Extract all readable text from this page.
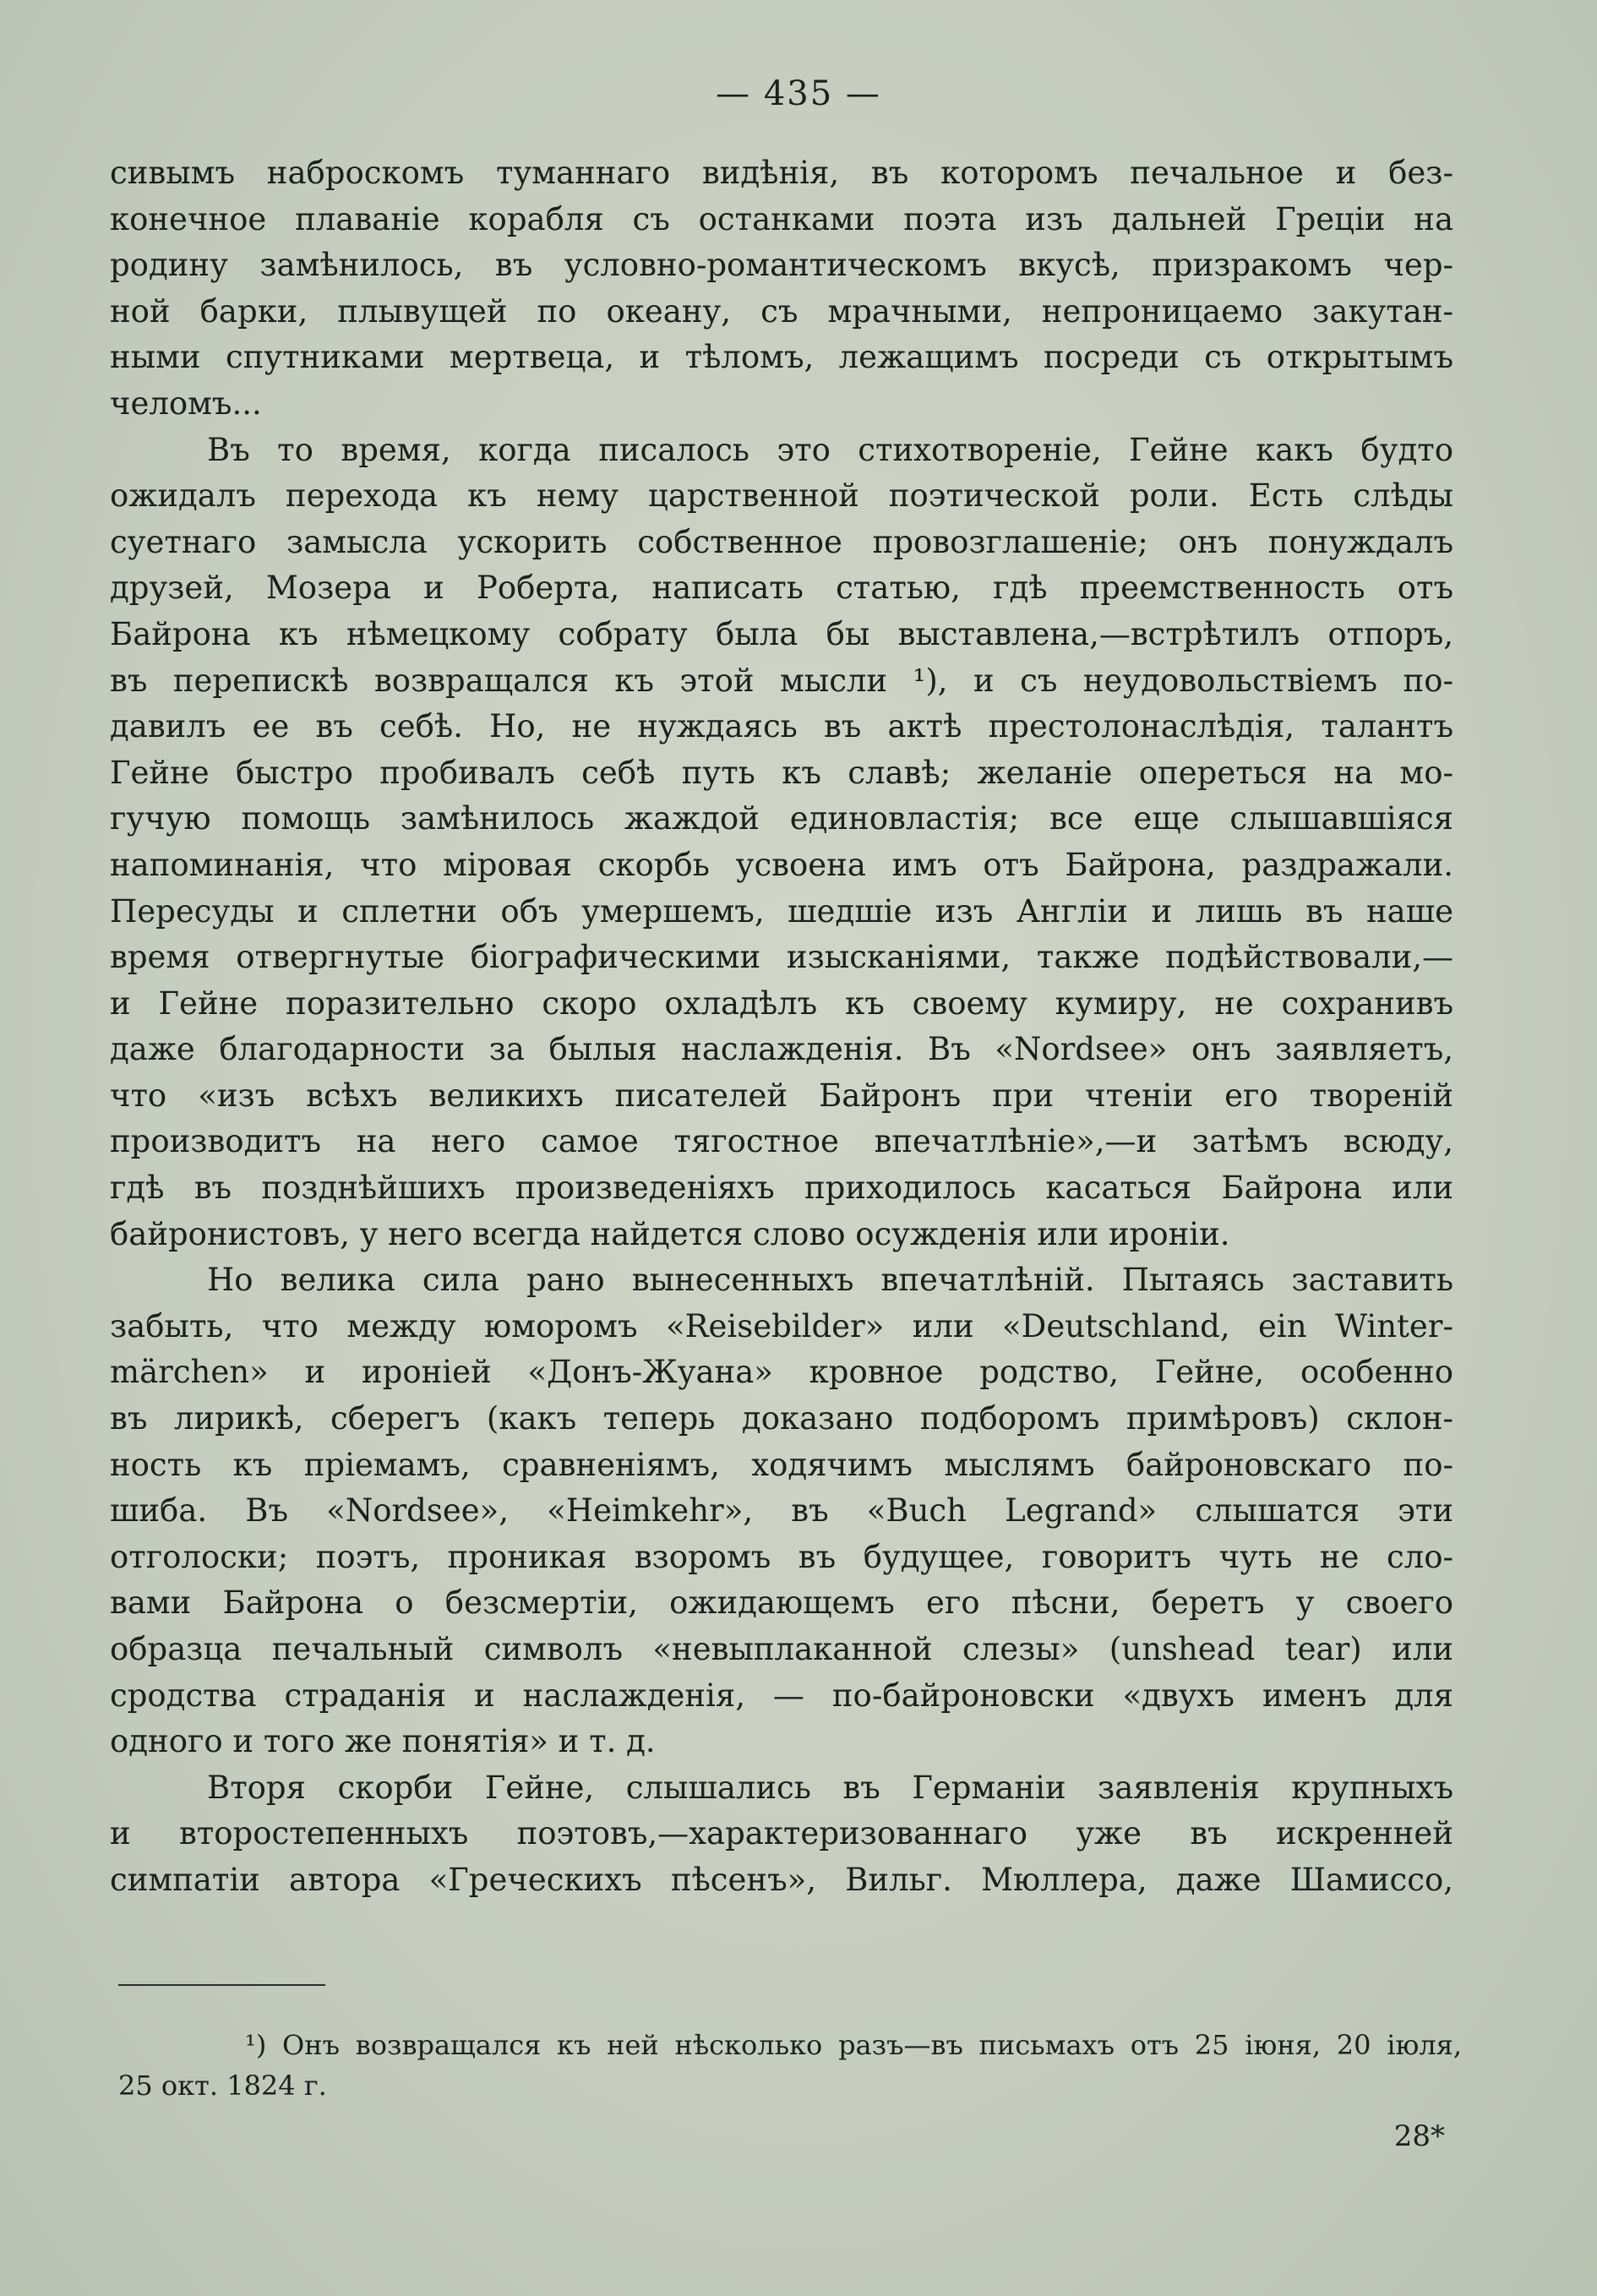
— 435 —
сивымъ наброскомъ туманнаго видѣнія, въ которомъ печальное и без-
конечное плаваніе корабля съ останками поэта изъ дальней Греціи на
родину замѣнилось, въ условно-романтическомъ вкусѣ, призракомъ чер-
ной барки, плывущей по океану, съ мрачными, непроницаемо закутан-
ными спутниками мертвеца, и тѣломъ, лежащимъ посреди съ открытымъ
челомъ...
Въ то время, когда писалось это стихотвореніе, Гейне какъ будто
ожидалъ перехода къ нему царственной поэтической роли. Есть слѣды
суетнаго замысла ускорить собственное провозглашеніе; онъ понуждалъ
друзей, Мозера и Роберта, написать статью, гдѣ преемственность отъ
Байрона къ нѣмецкому собрату была бы выставлена,—встрѣтилъ отпоръ,
въ перепискѣ возвращался къ этой мысли ¹), и съ неудовольствіемъ по-
давилъ ее въ себѣ. Но, не нуждаясь въ актѣ престолонаслѣдія, талантъ
Гейне быстро пробивалъ себѣ путь къ славѣ; желаніе опереться на мо-
гучую помощь замѣнилось жаждой единовластія; все еще слышавшіяся
напоминанія, что міровая скорбь усвоена имъ отъ Байрона, раздражали.
Пересуды и сплетни объ умершемъ, шедшіе изъ Англіи и лишь въ наше
время отвергнутые біографическими изысканіями, также подѣйствовали,—
и Гейне поразительно скоро охладѣлъ къ своему кумиру, не сохранивъ
даже благодарности за былыя наслажденія. Въ «Nordsee» онъ заявляетъ,
что «изъ всѣхъ великихъ писателей Байронъ при чтеніи его твореній
производитъ на него самое тягостное впечатлѣніе»,—и затѣмъ всюду,
гдѣ въ позднѣйшихъ произведеніяхъ приходилось касаться Байрона или
байронистовъ, у него всегда найдется слово осужденія или ироніи.
Но велика сила рано вынесенныхъ впечатлѣній. Пытаясь заставить
забыть, что между юморомъ «Reisebilder» или «Deutschland, ein Winter-
märchen» и ироніей «Донъ-Жуана» кровное родство, Гейне, особенно
въ лирикѣ, сберегъ (какъ теперь доказано подборомъ примѣровъ) склон-
ность къ пріемамъ, сравненіямъ, ходячимъ мыслямъ байроновскаго по-
шиба. Въ «Nordsee», «Heimkehr», въ «Buch Legrand» слышатся эти
отголоски; поэтъ, проникая взоромъ въ будущее, говоритъ чуть не сло-
вами Байрона о безсмертіи, ожидающемъ его пѣсни, беретъ у своего
образца печальный символъ «невыплаканной слезы» (unshead tear) или
сродства страданія и наслажденія, — по-байроновски «двухъ именъ для
одного и того же понятія» и т. д.
Вторя скорби Гейне, слышались въ Германіи заявленія крупныхъ
и второстепенныхъ поэтовъ,—характеризованнаго уже въ искренней
симпатіи автора «Греческихъ пѣсенъ», Вильг. Мюллера, даже Шамиссо,
¹) Онъ возвращался къ ней нѣсколько разъ—въ письмахъ отъ 25 іюня, 20 іюля,
25 окт. 1824 г.
28*
